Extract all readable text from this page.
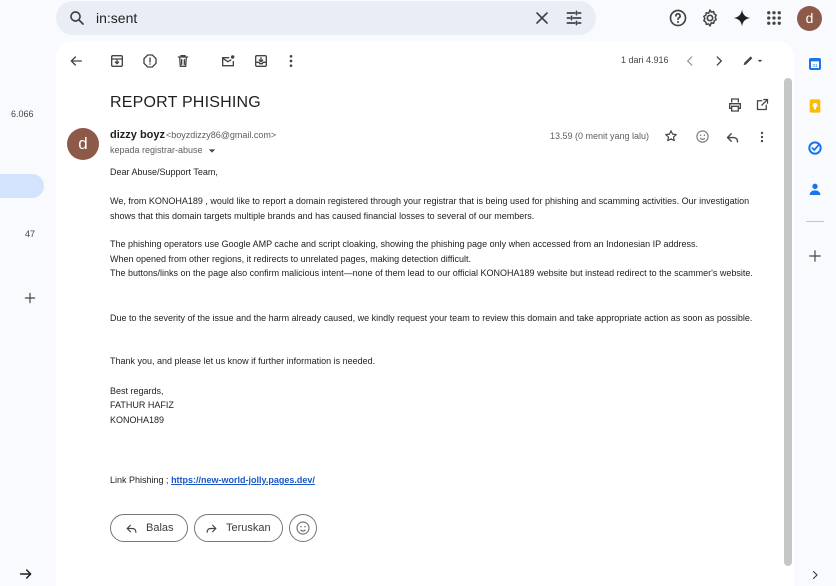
in:sent
d
6.066
47
1 dari 4.916
REPORT PHISHING
d	dizzy boyz <boyzdizzy86@gmail.com>
kepada registrar-abuse
13.59 (0 menit yang lalu)
Dear Abuse/Support Team,
We, from KONOHA189 , would like to report a domain registered through your registrar that is being used for phishing and scamming activities. Our investigation shows that this domain targets multiple brands and has caused financial losses to several of our members.
The phishing operators use Google AMP cache and script cloaking, showing the phishing page only when accessed from an Indonesian IP address.
When opened from other regions, it redirects to unrelated pages, making detection difficult.
The buttons/links on the page also confirm malicious intent—none of them lead to our official KONOHA189 website but instead redirect to the scammer's website.
Due to the severity of the issue and the harm already caused, we kindly request your team to review this domain and take appropriate action as soon as possible.
Thank you, and please let us know if further information is needed.
Best regards,
FATHUR HAFIZ
KONOHA189
Link Phishing ; https://new-world-jolly.pages.dev/
Balas	Teruskan
31
